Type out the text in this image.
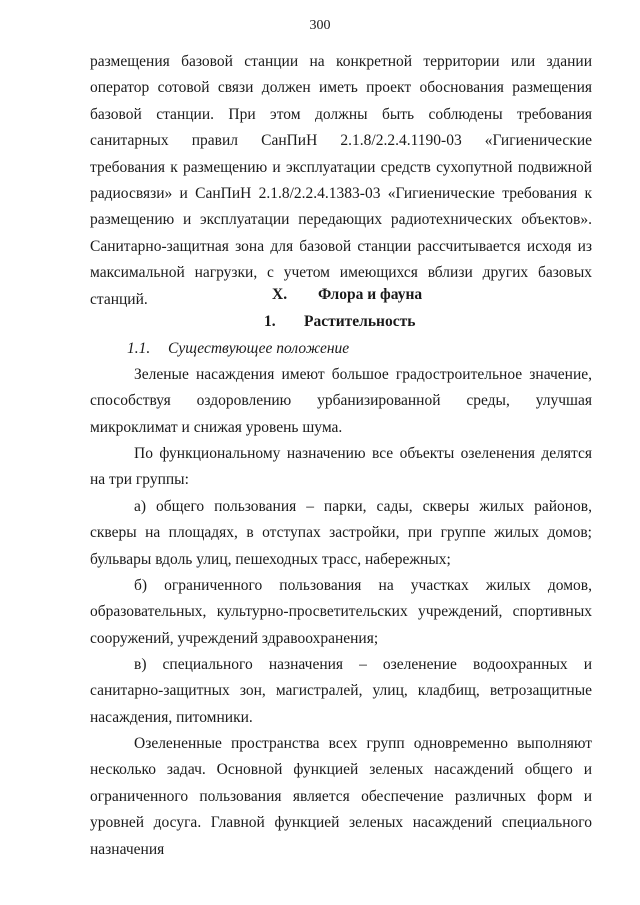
300

размещения базовой станции на конкретной территории или здании оператор сотовой связи должен иметь проект обоснования размещения базовой станции. При этом должны быть соблюдены требования санитарных правил СанПиН 2.1.8/2.2.4.1190-03 «Гигиенические требования к размещению и эксплуатации средств сухопутной подвижной радиосвязи» и СанПиН 2.1.8/2.2.4.1383-03 «Гигиенические требования к размещению и эксплуатации передающих радиотехнических объектов». Санитарно-защитная зона для базовой станции рассчитывается исходя из максимальной нагрузки, с учетом имеющихся вблизи других базовых станций.	X. Флора и фауна
1. Растительность
1.1. Существующее положение

Зеленые насаждения имеют большое градостроительное значение, способствуя оздоровлению урбанизированной среды, улучшая микроклимат и снижая уровень шума.

По функциональному назначению все объекты озеленения делятся на три группы:

а) общего пользования – парки, сады, скверы жилых районов, скверы на площадях, в отступах застройки, при группе жилых домов; бульвары вдоль улиц, пешеходных трасс, набережных;

б) ограниченного пользования на участках жилых домов, образовательных, культурно-просветительских учреждений, спортивных сооружений, учреждений здравоохранения;

в) специального назначения – озеленение водоохранных и санитарно-защитных зон, магистралей, улиц, кладбищ, ветрозащитные насаждения, питомники.

Озелененные пространства всех групп одновременно выполняют несколько задач. Основной функцией зеленых насаждений общего и ограниченного пользования является обеспечение различных форм и уровней досуга. Главной функцией зеленых насаждений специального назначения
